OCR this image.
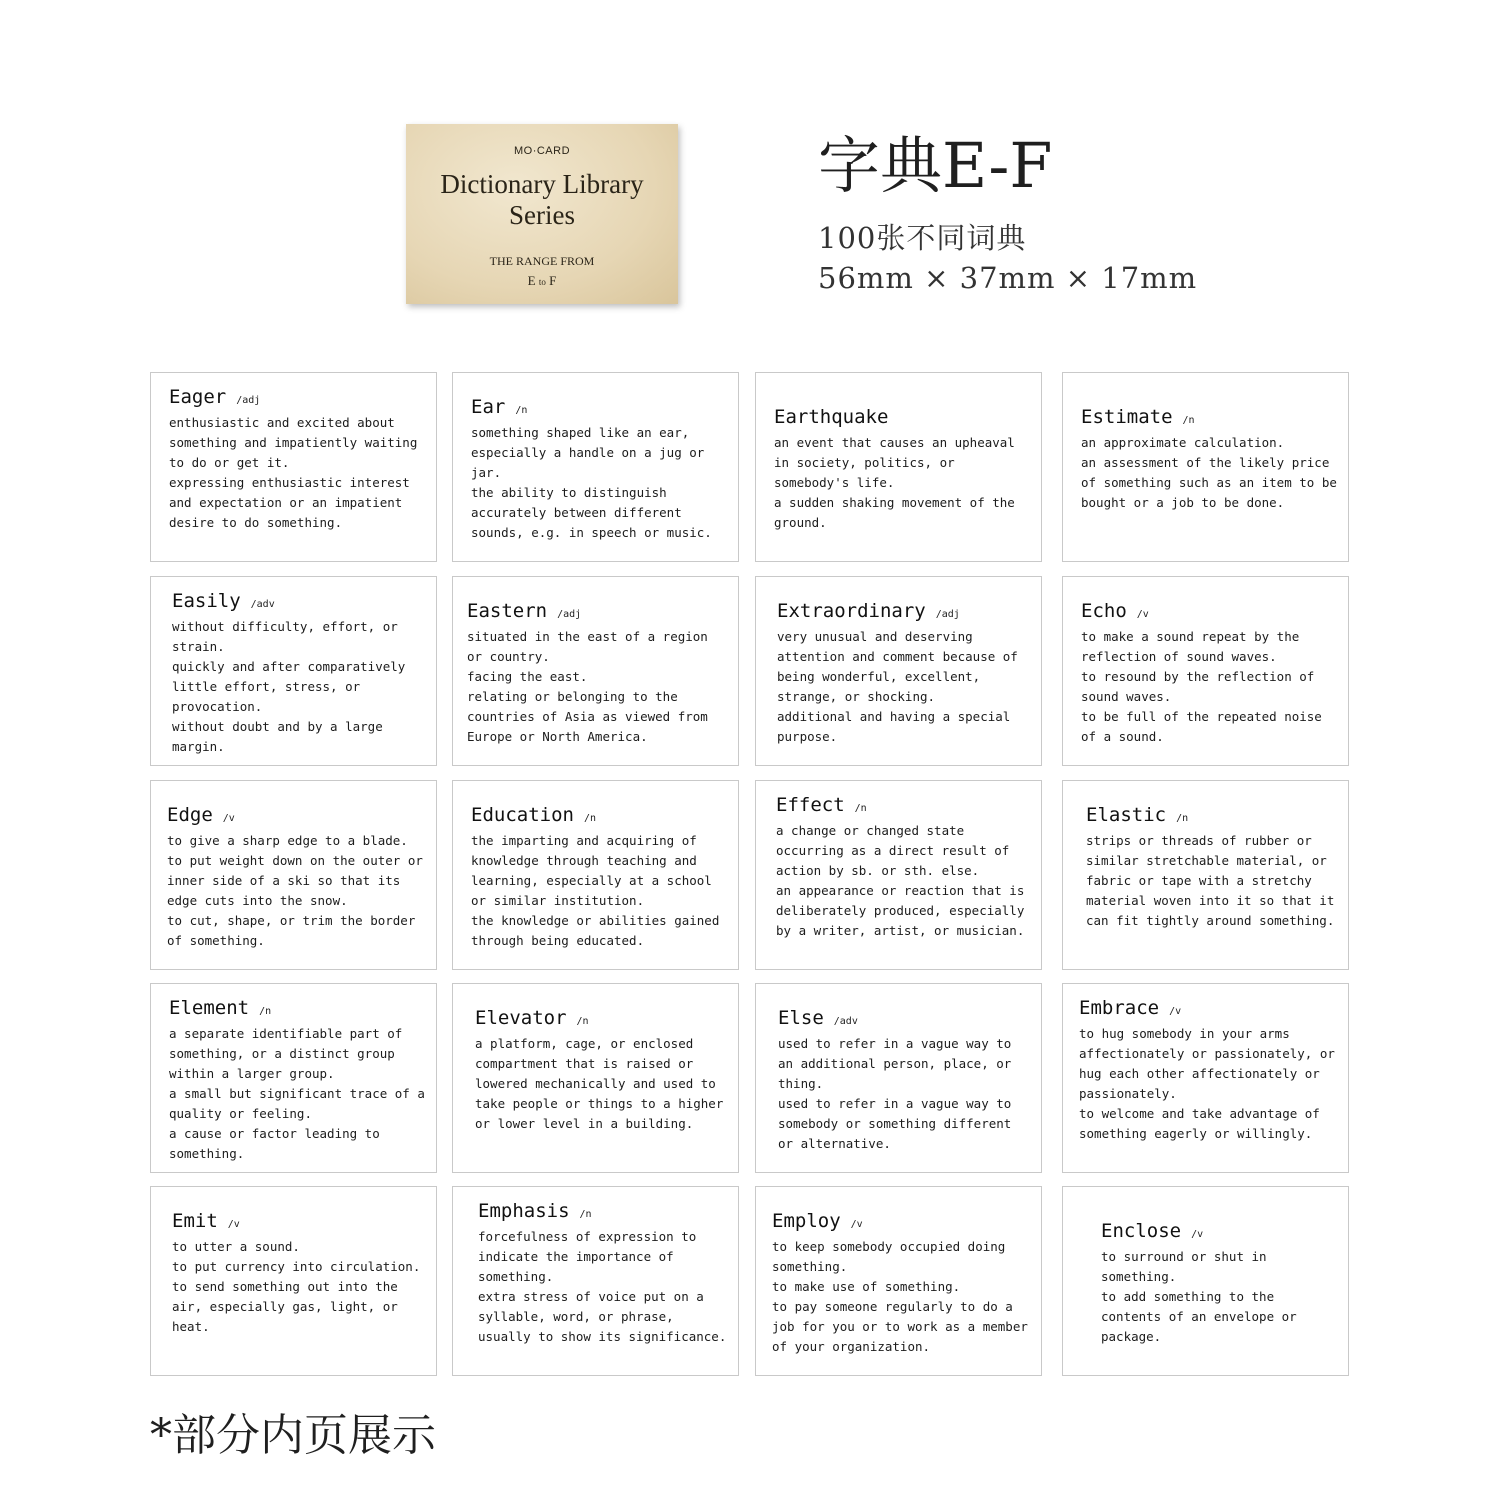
MO·CARD
Dictionary Library
Series
THE RANGE FROM
E to F
字典E-F
100张不同词典
56mm × 37mm × 17mm
Eager /adj

enthusiastic and excited about something and impatiently waiting to do or get it.
expressing enthusiastic interest and expectation or an impatient desire to do something.

Ear /n

something shaped like an ear, especially a handle on a jug or jar.
the ability to distinguish accurately between different sounds, e.g. in speech or music.

Earthquake

an event that causes an upheaval in society, politics, or somebody's life.
a sudden shaking movement of the ground.

Estimate /n

an approximate calculation.
an assessment of the likely price of something such as an item to be bought or a job to be done.

Easily /adv

without difficulty, effort, or strain.
quickly and after comparatively little effort, stress, or provocation.
without doubt and by a large margin.

Eastern /adj

situated in the east of a region or country.
facing the east.
relating or belonging to the countries of Asia as viewed from Europe or North America.

Extraordinary /adj

very unusual and deserving attention and comment because of being wonderful, excellent, strange, or shocking.
additional and having a special purpose.

Echo /v

to make a sound repeat by the reflection of sound waves.
to resound by the reflection of sound waves.
to be full of the repeated noise of a sound.

Edge /v

to give a sharp edge to a blade.
to put weight down on the outer or inner side of a ski so that its edge cuts into the snow.
to cut, shape, or trim the border of something.

Education /n

the imparting and acquiring of knowledge through teaching and learning, especially at a school or similar institution.
the knowledge or abilities gained through being educated.

Effect /n

a change or changed state occurring as a direct result of action by sb. or sth. else.
an appearance or reaction that is deliberately produced, especially by a writer, artist, or musician.

Elastic /n

strips or threads of rubber or similar stretchable material, or fabric or tape with a stretchy material woven into it so that it can fit tightly around something.

Element /n

a separate identifiable part of something, or a distinct group within a larger group.
a small but significant trace of a quality or feeling.
a cause or factor leading to something.

Elevator /n

a platform, cage, or enclosed compartment that is raised or lowered mechanically and used to take people or things to a higher or lower level in a building.

Else /adv

used to refer in a vague way to an additional person, place, or thing.
used to refer in a vague way to somebody or something different or alternative.

Embrace /v

to hug somebody in your arms affectionately or passionately, or hug each other affectionately or passionately.
to welcome and take advantage of something eagerly or willingly.

Emit /v

to utter a sound.
to put currency into circulation.
to send something out into the air, especially gas, light, or heat.

Emphasis /n

forcefulness of expression to indicate the importance of something.
extra stress of voice put on a syllable, word, or phrase, usually to show its significance.

Employ /v

to keep somebody occupied doing something.
to make use of something.
to pay someone regularly to do a job for you or to work as a member of your organization.

Enclose /v

to surround or shut in something.
to add something to the contents of an envelope or package.

*部分内页展示
